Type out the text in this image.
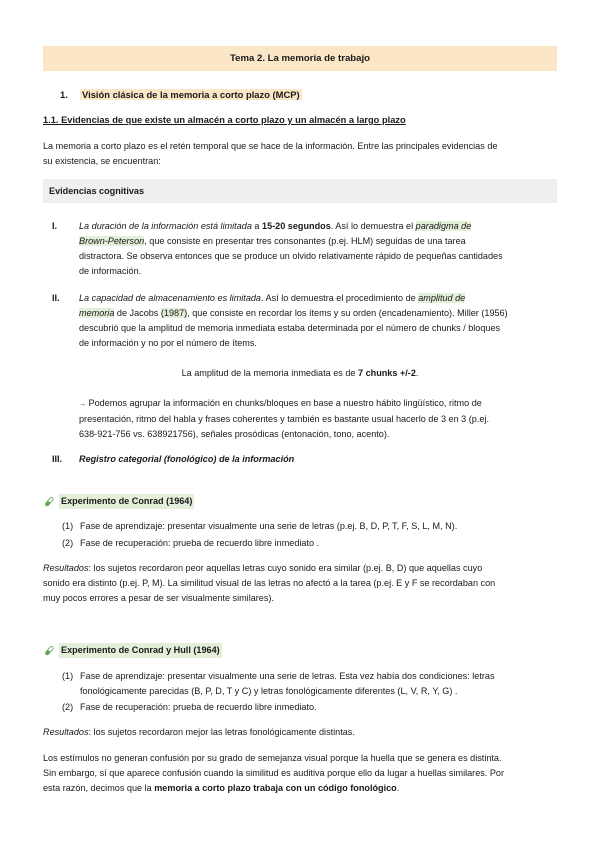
Tema 2. La memoria de trabajo
1. Visión clásica de la memoria a corto plazo (MCP)
1.1. Evidencias de que existe un almacén a corto plazo y un almacén a largo plazo
La memoria a corto plazo es el retén temporal que se hace de la información. Entre las principales evidencias de
su existencia, se encuentran:
Evidencias cognitivas
I.	La duración de la información está limitada a 15-20 segundos. Así lo demuestra el paradigma de
Brown-Peterson, que consiste en presentar tres consonantes (p.ej. HLM) seguidas de una tarea
distractora. Se observa entonces que se produce un olvido relativamente rápido de pequeñas cantidades
de información.
II.	La capacidad de almacenamiento es limitada. Así lo demuestra el procedimiento de amplitud de
memoria de Jacobs (1987), que consiste en recordar los ítems y su orden (encadenamiento). Miller (1956)
descubrió que la amplitud de memoria inmediata estaba determinada por el número de chunks / bloques
de información y no por el número de ítems.
La amplitud de la memoria inmediata es de 7 chunks +/-2.
→ Podemos agrupar la información en chunks/bloques en base a nuestro hábito lingüístico, ritmo de
presentación, ritmo del habla y frases coherentes y también es bastante usual hacerlo de 3 en 3 (p.ej.
638-921-756 vs. 638921756), señales prosódicas (entonación, tono, acento).
III.	Registro categorial (fonológico) de la información
Experimento de Conrad (1964)
(1) Fase de aprendizaje: presentar visualmente una serie de letras (p.ej. B, D, P, T, F, S, L, M, N).
(2) Fase de recuperación: prueba de recuerdo libre inmediato .
Resultados: los sujetos recordaron peor aquellas letras cuyo sonido era similar (p.ej. B, D) que aquellas cuyo
sonido era distinto (p.ej. P, M). La similitud visual de las letras no afectó a la tarea (p.ej. E y F se recordaban con
muy pocos errores a pesar de ser visualmente similares).
Experimento de Conrad y Hull (1964)
(1) Fase de aprendizaje: presentar visualmente una serie de letras. Esta vez había dos condiciones: letras
fonológicamente parecidas (B, P, D, T y C) y letras fonológicamente diferentes (L, V, R, Y, G) .
(2) Fase de recuperación: prueba de recuerdo libre inmediato.
Resultados: los sujetos recordaron mejor las letras fonológicamente distintas.
Los estímulos no generan confusión por su grado de semejanza visual porque la huella que se genera es distinta.
Sin embargo, sí que aparece confusión cuando la similitud es auditiva porque ello da lugar a huellas similares. Por
esta razón, decimos que la memoria a corto plazo trabaja con un código fonológico.
